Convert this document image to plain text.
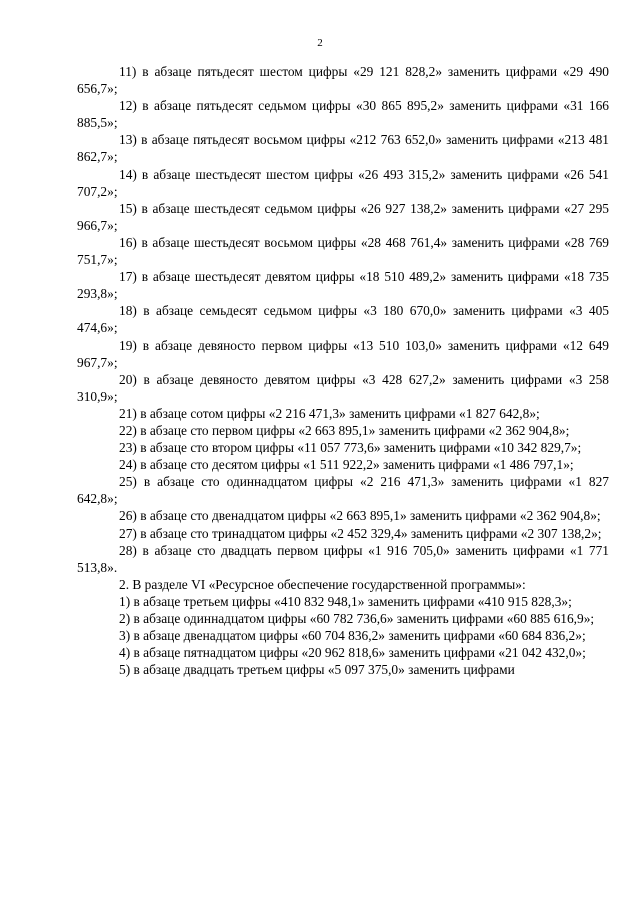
2

11) в абзаце пятьдесят шестом цифры «29 121 828,2» заменить цифрами «29 490 656,7»;

12) в абзаце пятьдесят седьмом цифры «30 865 895,2» заменить цифрами «31 166 885,5»;

13) в абзаце пятьдесят восьмом цифры «212 763 652,0» заменить цифрами «213 481 862,7»;

14) в абзаце шестьдесят шестом цифры «26 493 315,2» заменить цифрами «26 541 707,2»;

15) в абзаце шестьдесят седьмом цифры «26 927 138,2» заменить цифрами «27 295 966,7»;

16) в абзаце шестьдесят восьмом цифры «28 468 761,4» заменить цифрами «28 769 751,7»;

17) в абзаце шестьдесят девятом цифры «18 510 489,2» заменить цифрами «18 735 293,8»;

18) в абзаце семьдесят седьмом цифры «3 180 670,0» заменить цифрами «3 405 474,6»;

19) в абзаце девяносто первом цифры «13 510 103,0» заменить цифрами «12 649 967,7»;

20) в абзаце девяносто девятом цифры «3 428 627,2» заменить цифрами «3 258 310,9»;

21) в абзаце сотом цифры «2 216 471,3» заменить цифрами «1 827 642,8»;

22) в абзаце сто первом цифры «2 663 895,1» заменить цифрами «2 362 904,8»;

23) в абзаце сто втором цифры «11 057 773,6» заменить цифрами «10 342 829,7»;

24) в абзаце сто десятом цифры «1 511 922,2» заменить цифрами «1 486 797,1»;

25) в абзаце сто одиннадцатом цифры «2 216 471,3» заменить цифрами «1 827 642,8»;

26) в абзаце сто двенадцатом цифры «2 663 895,1» заменить цифрами «2 362 904,8»;

27) в абзаце сто тринадцатом цифры «2 452 329,4» заменить цифрами «2 307 138,2»;

28) в абзаце сто двадцать первом цифры «1 916 705,0» заменить цифрами «1 771 513,8».

2. В разделе VI «Ресурсное обеспечение государственной программы»:

1) в абзаце третьем цифры «410 832 948,1» заменить цифрами «410 915 828,3»;

2) в абзаце одиннадцатом цифры «60 782 736,6» заменить цифрами «60 885 616,9»;

3) в абзаце двенадцатом цифры «60 704 836,2» заменить цифрами «60 684 836,2»;

4) в абзаце пятнадцатом цифры «20 962 818,6» заменить цифрами «21 042 432,0»;

5) в абзаце двадцать третьем цифры «5 097 375,0» заменить цифрами
